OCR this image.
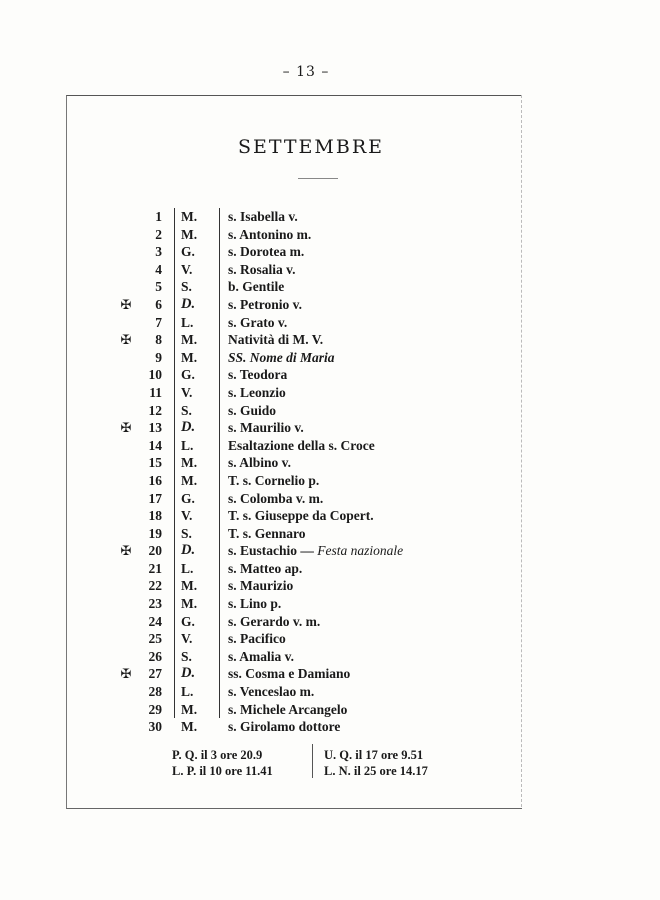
– 13 –
SETTEMBRE
1 M.	s. Isabella v.
2 M.	s. Antonino m.
3 G.	s. Dorotea m.
4 V.	s. Rosalia v.
5 S.	b. Gentile
✠	6 D.	s. Petronio v.
7 L.	s. Grato v.
✠	8 M.	Natività di M. V.
9 M.	SS. Nome di Maria
10 G.	s. Teodora
11 V.	s. Leonzio
12 S.	s. Guido
✠	13 D.	s. Maurilio v.
14 L.	Esaltazione della s. Croce
15 M.	s. Albino v.
16 M.	T. s. Cornelio p.
17 G.	s. Colomba v. m.
18 V.	T. s. Giuseppe da Copert.
19 S.	T. s. Gennaro
✠	20 D.	s. Eustachio — Festa nazionale
21 L.	s. Matteo ap.
22 M.	s. Maurizio
23 M.	s. Lino p.
24 G.	s. Gerardo v. m.
25 V.	s. Pacifico
26 S.	s. Amalia v.
✠	27 D.	ss. Cosma e Damiano
28 L.	s. Venceslao m.
29 M.	s. Michele Arcangelo
30 M.	s. Girolamo dottore
P. Q. il 3 ore 20.9	U. Q. il 17 ore 9.51
L. P. il 10 ore 11.41	L. N. il 25 ore 14.17
